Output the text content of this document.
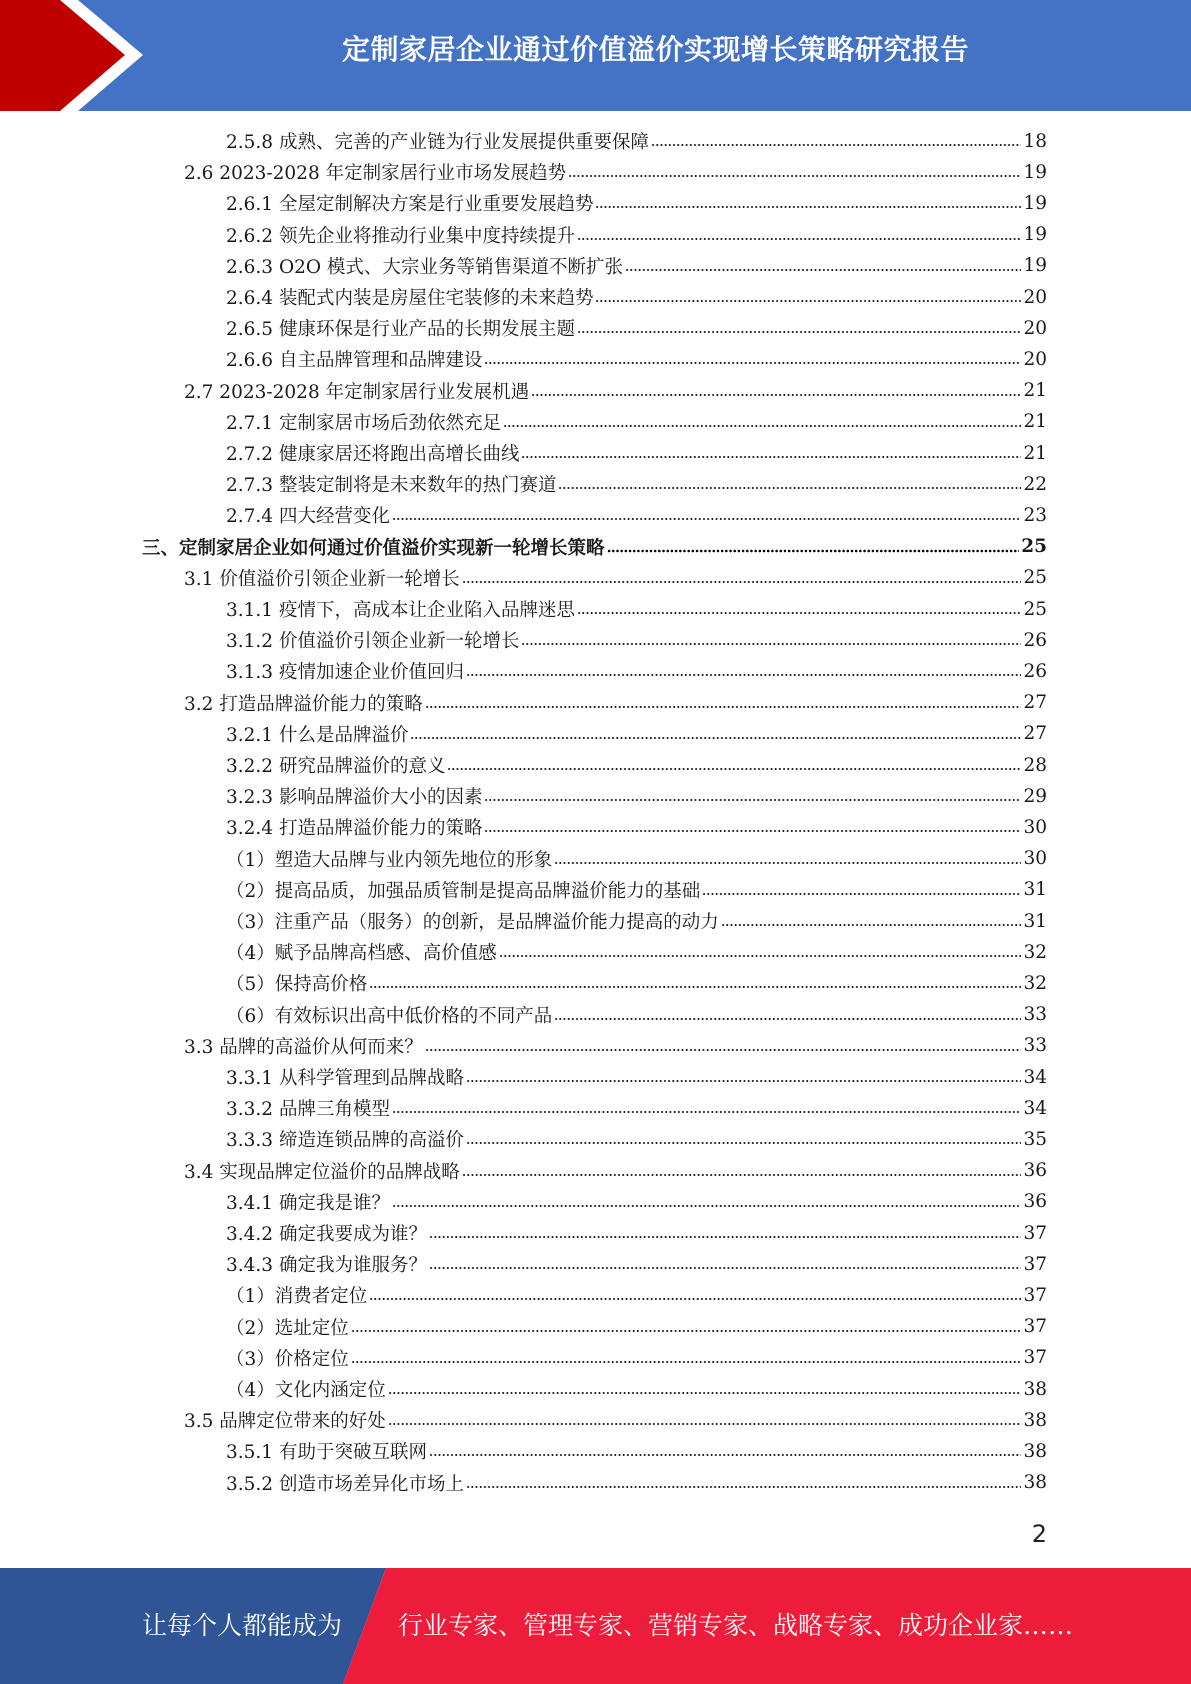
定制家居企业通过价值溢价实现增长策略研究报告
2.5.8 成熟、完善的产业链为行业发展提供重要保障	18
2.6 2023-2028 年定制家居行业市场发展趋势	19
2.6.1 全屋定制解决方案是行业重要发展趋势	19
2.6.2 领先企业将推动行业集中度持续提升	19
2.6.3 O2O 模式、大宗业务等销售渠道不断扩张	19
2.6.4 装配式内装是房屋住宅装修的未来趋势	20
2.6.5 健康环保是行业产品的长期发展主题	20
2.6.6 自主品牌管理和品牌建设	20
2.7 2023-2028 年定制家居行业发展机遇	21
2.7.1 定制家居市场后劲依然充足	21
2.7.2 健康家居还将跑出高增长曲线	21
2.7.3 整装定制将是未来数年的热门赛道	22
2.7.4 四大经营变化	23
三、定制家居企业如何通过价值溢价实现新一轮增长策略	25
3.1 价值溢价引领企业新一轮增长	25
3.1.1 疫情下，高成本让企业陷入品牌迷思	25
3.1.2 价值溢价引领企业新一轮增长	26
3.1.3 疫情加速企业价值回归	26
3.2 打造品牌溢价能力的策略	27
3.2.1 什么是品牌溢价	27
3.2.2 研究品牌溢价的意义	28
3.2.3 影响品牌溢价大小的因素	29
3.2.4 打造品牌溢价能力的策略	30
（1）塑造大品牌与业内领先地位的形象	30
（2）提高品质，加强品质管制是提高品牌溢价能力的基础	31
（3）注重产品（服务）的创新，是品牌溢价能力提高的动力	31
（4）赋予品牌高档感、高价值感	32
（5）保持高价格	32
（6）有效标识出高中低价格的不同产品	33
3.3 品牌的高溢价从何而来？	33
3.3.1 从科学管理到品牌战略	34
3.3.2 品牌三角模型	34
3.3.3 缔造连锁品牌的高溢价	35
3.4 实现品牌定位溢价的品牌战略	36
3.4.1 确定我是谁？	36
3.4.2 确定我要成为谁？	37
3.4.3 确定我为谁服务？	37
（1）消费者定位	37
（2）选址定位	37
（3）价格定位	37
（4）文化内涵定位	38
3.5 品牌定位带来的好处	38
3.5.1 有助于突破互联网	38
3.5.2 创造市场差异化市场上	38
2
让每个人都能成为 行业专家、管理专家、营销专家、战略专家、成功企业家……
